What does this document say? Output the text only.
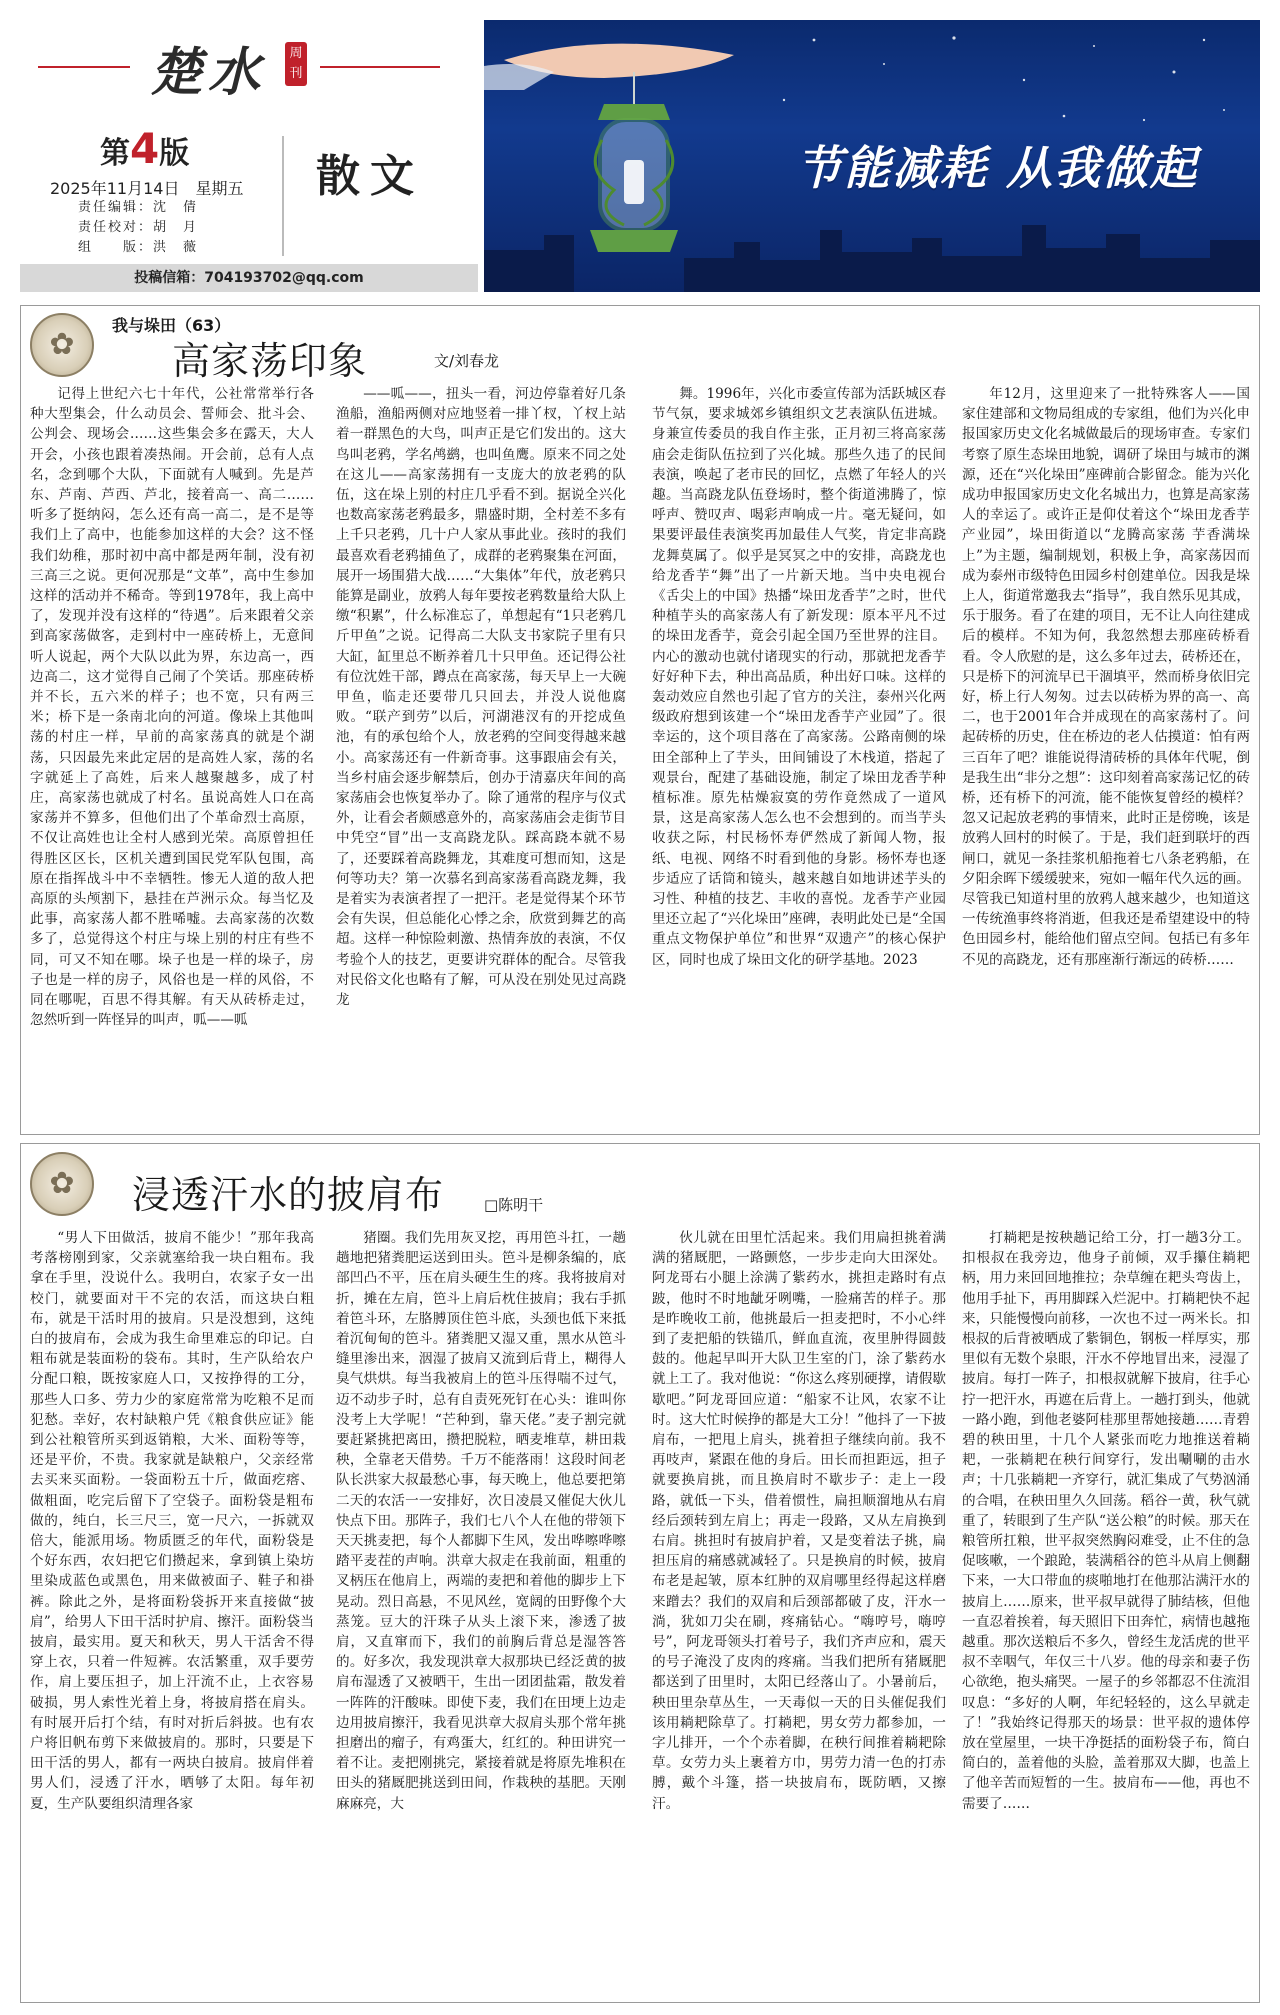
楚水	周刊
第4版
2025年11月14日　星期五
责任编辑：沈　倩
责任校对：胡　月
组　　版：洪　薇
散文
投稿信箱：704193702@qq.com
节能减耗 从我做起
✿
我与垛田（63）
高家荡印象	文/刘春龙

记得上世纪六七十年代，公社常常举行各种大型集会，什么动员会、誓师会、批斗会、公判会、现场会……这些集会多在露天，大人开会，小孩也跟着凑热闹。开会前，总有人点名，念到哪个大队，下面就有人喊到。先是芦东、芦南、芦西、芦北，接着高一、高二……听多了挺纳闷，怎么还有高一高二，是不是等我们上了高中，也能参加这样的大会？这不怪我们幼稚，那时初中高中都是两年制，没有初三高三之说。更何况那是“文革”，高中生参加这样的活动并不稀奇。等到1978年，我上高中了，发现并没有这样的“待遇”。后来跟着父亲到高家荡做客，走到村中一座砖桥上，无意间听人说起，两个大队以此为界，东边高一，西边高二，这才觉得自己闹了个笑话。那座砖桥并不长，五六米的样子；也不宽，只有两三米；桥下是一条南北向的河道。像垛上其他叫荡的村庄一样，早前的高家荡真的就是个湖荡，只因最先来此定居的是高姓人家，荡的名字就延上了高姓，后来人越聚越多，成了村庄，高家荡也就成了村名。虽说高姓人口在高家荡并不算多，但他们出了个革命烈士高原，不仅让高姓也让全村人感到光荣。高原曾担任得胜区区长，区机关遭到国民党军队包围，高原在指挥战斗中不幸牺牲。惨无人道的敌人把高原的头颅割下，悬挂在芦洲示众。每当忆及此事，高家荡人都不胜唏嘘。去高家荡的次数多了，总觉得这个村庄与垛上别的村庄有些不同，可又不知在哪。垛子也是一样的垛子，房子也是一样的房子，风俗也是一样的风俗，不同在哪呢，百思不得其解。有天从砖桥走过，忽然听到一阵怪异的叫声，呱——呱

——呱——，扭头一看，河边停靠着好几条渔船，渔船两侧对应地竖着一排丫杈，丫杈上站着一群黑色的大鸟，叫声正是它们发出的。这大鸟叫老鸦，学名鸬鹚，也叫鱼鹰。原来不同之处在这儿——高家荡拥有一支庞大的放老鸦的队伍，这在垛上别的村庄几乎看不到。据说全兴化也数高家荡老鸦最多，鼎盛时期，全村差不多有上千只老鸦，几十户人家从事此业。孩时的我们最喜欢看老鸦捕鱼了，成群的老鸦聚集在河面，展开一场围猎大战……“大集体”年代，放老鸦只能算是副业，放鸦人每年要按老鸦数量给大队上缴“积累”，什么标准忘了，单想起有“1只老鸦几斤甲鱼”之说。记得高二大队支书家院子里有只大缸，缸里总不断养着几十只甲鱼。还记得公社有位沈姓干部，蹲点在高家荡，每天早上一大碗甲鱼，临走还要带几只回去，并没人说他腐败。“联产到劳”以后，河湖港汊有的开挖成鱼池，有的承包给个人，放老鸦的空间变得越来越小。高家荡还有一件新奇事。这事跟庙会有关，当乡村庙会逐步解禁后，创办于清嘉庆年间的高家荡庙会也恢复举办了。除了通常的程序与仪式外，让看会者颇感意外的，高家荡庙会走街节目中凭空“冒”出一支高跷龙队。踩高跷本就不易了，还要踩着高跷舞龙，其难度可想而知，这是何等功夫？第一次慕名到高家荡看高跷龙舞，我是着实为表演者捏了一把汗。老是觉得某个环节会有失误，但总能化心悸之余，欣赏到舞艺的高超。这样一种惊险刺激、热情奔放的表演，不仅考验个人的技艺，更要讲究群体的配合。尽管我对民俗文化也略有了解，可从没在别处见过高跷龙

舞。1996年，兴化市委宣传部为活跃城区春节气氛，要求城郊乡镇组织文艺表演队伍进城。身兼宣传委员的我自作主张，正月初三将高家荡庙会走街队伍拉到了兴化城。那些久违了的民间表演，唤起了老市民的回忆，点燃了年轻人的兴趣。当高跷龙队伍登场时，整个街道沸腾了，惊呼声、赞叹声、喝彩声响成一片。毫无疑问，如果要评最佳表演奖再加最佳人气奖，肯定非高跷龙舞莫属了。似乎是冥冥之中的安排，高跷龙也给龙香芋“舞”出了一片新天地。当中央电视台《舌尖上的中国》热播“垛田龙香芋”之时，世代种植芋头的高家荡人有了新发现：原本平凡不过的垛田龙香芋，竟会引起全国乃至世界的注目。内心的激动也就付诸现实的行动，那就把龙香芋好好种下去，种出高品质，种出好口味。这样的轰动效应自然也引起了官方的关注，泰州兴化两级政府想到该建一个“垛田龙香芋产业园”了。很幸运的，这个项目落在了高家荡。公路南侧的垛田全部种上了芋头，田间铺设了木栈道，搭起了观景台，配建了基础设施，制定了垛田龙香芋种植标准。原先枯燥寂寞的劳作竟然成了一道风景，这是高家荡人怎么也不会想到的。而当芋头收获之际，村民杨怀寿俨然成了新闻人物，报纸、电视、网络不时看到他的身影。杨怀寿也逐步适应了话筒和镜头，越来越自如地讲述芋头的习性、种植的技艺、丰收的喜悦。龙香芋产业园里还立起了“兴化垛田”座碑，表明此处已是“全国重点文物保护单位”和世界“双遗产”的核心保护区，同时也成了垛田文化的研学基地。2023

年12月，这里迎来了一批特殊客人——国家住建部和文物局组成的专家组，他们为兴化申报国家历史文化名城做最后的现场审查。专家们考察了原生态垛田地貌，调研了垛田与城市的渊源，还在“兴化垛田”座碑前合影留念。能为兴化成功申报国家历史文化名城出力，也算是高家荡人的幸运了。或许正是仰仗着这个“垛田龙香芋产业园”，垛田街道以“龙腾高家荡 芋香满垛上”为主题，编制规划，积极上争，高家荡因而成为泰州市级特色田园乡村创建单位。因我是垛上人，街道常邀我去“指导”，我自然乐见其成，乐于服务。看了在建的项目，无不让人向往建成后的模样。不知为何，我忽然想去那座砖桥看看。令人欣慰的是，这么多年过去，砖桥还在，只是桥下的河流早已干涸填平，然而桥身依旧完好，桥上行人匆匆。过去以砖桥为界的高一、高二，也于2001年合并成现在的高家荡村了。问起砖桥的历史，住在桥边的老人估摸道：怕有两三百年了吧？谁能说得清砖桥的具体年代呢，倒是我生出“非分之想”：这印刻着高家荡记忆的砖桥，还有桥下的河流，能不能恢复曾经的模样？忽又记起放老鸦的事情来，此时正是傍晚，该是放鸦人回村的时候了。于是，我们赶到联圩的西闸口，就见一条挂浆机船拖着七八条老鸦船，在夕阳余晖下缓缓驶来，宛如一幅年代久远的画。尽管我已知道村里的放鸦人越来越少，也知道这一传统渔事终将消逝，但我还是希望建设中的特色田园乡村，能给他们留点空间。包括已有多年不见的高跷龙，还有那座渐行渐远的砖桥……

✿
浸透汗水的披肩布	□陈明干

“男人下田做活，披肩不能少！”那年我高考落榜刚到家，父亲就塞给我一块白粗布。我拿在手里，没说什么。我明白，农家子女一出校门，就要面对干不完的农活，而这块白粗布，就是干活时用的披肩。只是没想到，这纯白的披肩布，会成为我生命里难忘的印记。白粗布就是装面粉的袋布。其时，生产队给农户分配口粮，既按家庭人口，又按挣得的工分，那些人口多、劳力少的家庭常常为吃粮不足而犯愁。幸好，农村缺粮户凭《粮食供应证》能到公社粮管所买到返销粮，大米、面粉等等，还是平价，不贵。我家就是缺粮户，父亲经常去买来买面粉。一袋面粉五十斤，做面疙瘩、做粗面，吃完后留下了空袋子。面粉袋是粗布做的，纯白，长三尺三，宽一尺六，一拆就双倍大，能派用场。物质匮乏的年代，面粉袋是个好东西，农妇把它们攒起来，拿到镇上染坊里染成蓝色或黑色，用来做被面子、鞋子和褂裤。除此之外，是将面粉袋拆开来直接做“披肩”，给男人下田干活时护肩、擦汗。面粉袋当披肩，最实用。夏天和秋天，男人干活舍不得穿上衣，只着一件短裤。农活繁重，双手要劳作，肩上要压担子，加上汗流不止，上衣容易破损，男人索性光着上身，将披肩搭在肩头。有时展开后打个结，有时对折后斜披。也有农户将旧帆布剪下来做披肩的。那时，只要是下田干活的男人，都有一两块白披肩。披肩伴着男人们，浸透了汗水，晒够了太阳。每年初夏，生产队要组织清理各家

猪圈。我们先用灰叉挖，再用笆斗扛，一趟趟地把猪粪肥运送到田头。笆斗是柳条编的，底部凹凸不平，压在肩头硬生生的疼。我将披肩对折，摊在左肩，笆斗上肩后枕住披肩；我右手抓着笆斗环，左胳膊顶住笆斗底，头颈也低下来抵着沉甸甸的笆斗。猪粪肥又湿又重，黑水从笆斗缝里渗出来，洇湿了披肩又流到后背上，糊得人臭气烘烘。每当我被肩上的笆斗压得喘不过气，迈不动步子时，总有自责死死钉在心头：谁叫你没考上大学呢！“芒种到，靠天佬。”麦子割完就要赶紧挑把离田，攒把脱粒，晒麦堆草，耕田栽秧，全靠老天借势。千万不能落雨！这段时间老队长洪家大叔最愁心事，每天晚上，他总要把第二天的农活一一安排好，次日凌晨又催促大伙儿快点下田。那阵子，我们七八个人在他的带领下天天挑麦把，每个人都脚下生风，发出哗嚓哗嚓踏平麦茬的声响。洪章大叔走在我前面，粗重的叉柄压在他肩上，两端的麦把和着他的脚步上下晃动。烈日高悬，不见风丝，宽阔的田野像个大蒸笼。豆大的汗珠子从头上滚下来，渗透了披肩，又直窜而下，我们的前胸后背总是湿答答的。好多次，我发现洪章大叔那块已经泛黄的披肩布湿透了又被晒干，生出一团团盐霜，散发着一阵阵的汗酸味。即使下麦，我们在田埂上边走边用披肩擦汗，我看见洪章大叔肩头那个常年挑担磨出的瘤子，有鸡蛋大，红红的。种田讲究一着不让。麦把刚挑完，紧接着就是将原先堆积在田头的猪厩肥挑送到田间，作栽秧的基肥。天刚麻麻亮，大

伙儿就在田里忙活起来。我们用扁担挑着满满的猪厩肥，一路颤悠，一步步走向大田深处。阿龙哥右小腿上涂满了紫药水，挑担走路时有点跛，他时不时地龇牙咧嘴，一脸痛苦的样子。那是昨晚收工前，他挑最后一担麦把时，不小心绊到了麦把船的铁锚爪，鲜血直流，夜里肿得圆鼓鼓的。他起早叫开大队卫生室的门，涂了紫药水就上工了。我对他说：“你这么疼别硬撑，请假歇歇吧。”阿龙哥回应道：“船家不让风，农家不让时。这大忙时候挣的都是大工分！”他抖了一下披肩布，一把甩上肩头，挑着担子继续向前。我不再吱声，紧跟在他的身后。田长而担距远，担子就要换肩挑，而且换肩时不歇步子：走上一段路，就低一下头，借着惯性，扁担顺溜地从右肩经后颈转到左肩上；再走一段路，又从左肩换到右肩。挑担时有披肩护着，又是变着法子挑，扁担压肩的痛感就减轻了。只是换肩的时候，披肩布老是起皱，原本红肿的双肩哪里经得起这样磨来蹭去？我们的双肩和后颈部都破了皮，汗水一淌，犹如刀尖在刷，疼痛钻心。“嗨哼号，嗨哼号”，阿龙哥领头打着号子，我们齐声应和，震天的号子淹没了皮肉的疼痛。当我们把所有猪厩肥都送到了田里时，太阳已经落山了。小暑前后，秧田里杂草丛生，一天毒似一天的日头催促我们该用耥耙除草了。打耥耙，男女劳力都参加，一字儿排开，一个个赤着脚，在秧行间推着耥耙除草。女劳力头上裹着方巾，男劳力清一色的打赤膊，戴个斗篷，搭一块披肩布，既防晒，又擦汗。

打耥耙是按秧趟记给工分，打一趟3分工。扣根叔在我旁边，他身子前倾，双手攥住耥耙柄，用力来回回地推拉；杂草缠在耙头弯齿上，他用手扯下，再用脚踩入烂泥中。打耥耙快不起来，只能慢慢向前移，一次也不过一两米长。扣根叔的后背被晒成了紫铜色，钢板一样厚实，那里似有无数个泉眼，汗水不停地冒出来，浸湿了披肩。每打一阵子，扣根叔就解下披肩，往手心拧一把汗水，再遮在后背上。一趟打到头，他就一路小跑，到他老婆阿桂那里帮她接趟……青碧碧的秧田里，十几个人紧张而吃力地推送着耥耙，一张耥耙在秧行间穿行，发出唰唰的击水声；十几张耥耙一齐穿行，就汇集成了气势汹涌的合唱，在秧田里久久回荡。稻谷一黄，秋气就重了，转眼到了生产队“送公粮”的时候。那天在粮管所扛粮，世平叔突然胸闷难受，止不住的急促咳嗽，一个踉跄，装满稻谷的笆斗从肩上侧翻下来，一大口带血的痰啪地打在他那沾满汗水的披肩上……原来，世平叔早就得了肺结核，但他一直忍着挨着，每天照旧下田奔忙，病情也越拖越重。那次送粮后不多久，曾经生龙活虎的世平叔不幸咽气，年仅三十八岁。他的母亲和妻子伤心欲绝，抱头痛哭。一屋子的乡邻都忍不住流泪叹息：“多好的人啊，年纪轻轻的，这么早就走了！”我始终记得那天的场景：世平叔的遗体停放在堂屋里，一块干净挺括的面粉袋子布，简白简白的，盖着他的头脸，盖着那双大脚，也盖上了他辛苦而短暂的一生。披肩布——他，再也不需要了……
